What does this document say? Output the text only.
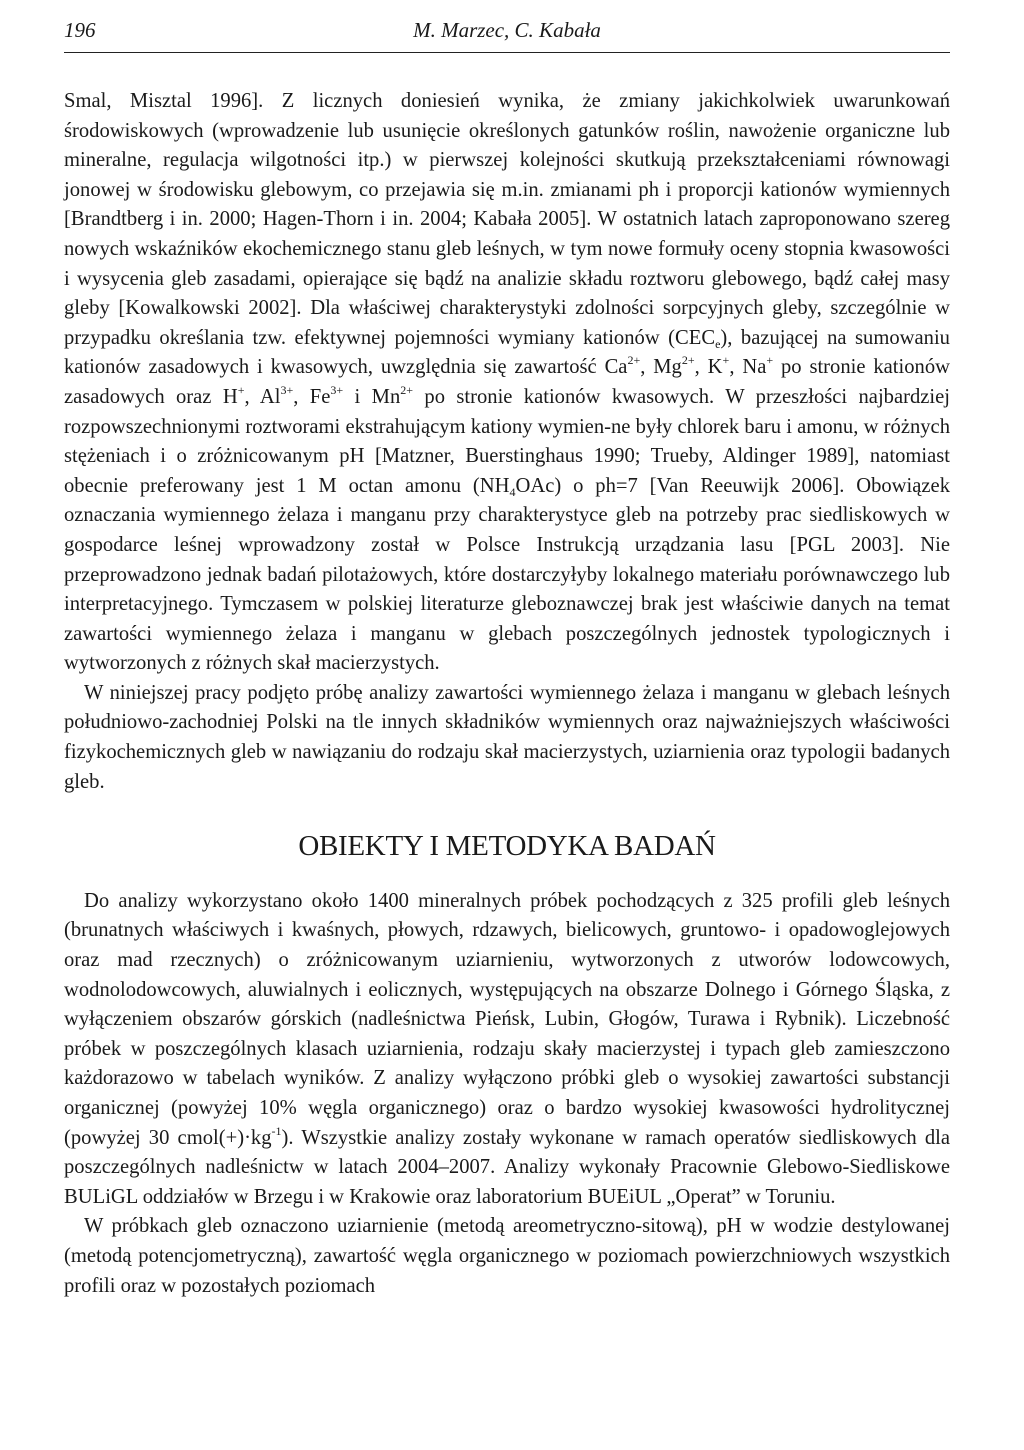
196	M. Marzec, C. Kabała

Smal, Misztal 1996]. Z licznych doniesień wynika, że zmiany jakichkolwiek uwarunkowań środowiskowych (wprowadzenie lub usunięcie określonych gatunków roślin, nawożenie organiczne lub mineralne, regulacja wilgotności itp.) w pierwszej kolejności skutkują przekształceniami równowagi jonowej w środowisku glebowym, co przejawia się m.in. zmianami ph i proporcji kationów wymiennych [Brandtberg i in. 2000; Hagen-Thorn i in. 2004; Kabała 2005]. W ostatnich latach zaproponowano szereg nowych wskaźników ekochemicznego stanu gleb leśnych, w tym nowe formuły oceny stopnia kwasowości i wysycenia gleb zasadami, opierające się bądź na analizie składu roztworu glebowego, bądź całej masy gleby [Kowalkowski 2002]. Dla właściwej charakterystyki zdolności sorpcyjnych gleby, szczególnie w przypadku określania tzw. efektywnej pojemności wymiany kationów $(CEC_e)$, bazującej na sumowaniu kationów zasadowych i kwasowych, uwzględnia się zawartość $Ca^{2+}$, $Mg^{2+}$, K+, Na+ po stronie kationów zasadowych oraz H+, $Al^{3+}$, $Fe^{3+}$ i $Mn^{2+}$ po stronie kationów kwasowych. W przeszłości najbardziej rozpowszechnionymi roztworami ekstrahującym kationy wymien-ne były chlorek baru i amonu, w różnych stężeniach i o zróżnicowanym pH [Matzner, Buerstinghaus 1990; Trueby, Aldinger 1989], natomiast obecnie preferowany jest 1 M octan amonu $(NH_4OAc)$ o ph=7 [Van Reeuwijk 2006]. Obowiązek oznaczania wymiennego żelaza i manganu przy charakterystyce gleb na potrzeby prac siedliskowych w gospodarce leśnej wprowadzony został w Polsce Instrukcją urządzania lasu [PGL 2003]. Nie przeprowadzono jednak badań pilotażowych, które dostarczyłyby lokalnego materiału porównawczego lub interpretacyjnego. Tymczasem w polskiej literaturze gleboznawczej brak jest właściwie danych na temat zawartości wymiennego żelaza i manganu w glebach poszczególnych jednostek typologicznych i wytworzonych z różnych skał macierzystych.

W niniejszej pracy podjęto próbę analizy zawartości wymiennego żelaza i manganu w glebach leśnych południowo-zachodniej Polski na tle innych składników wymiennych oraz najważniejszych właściwości fizykochemicznych gleb w nawiązaniu do rodzaju skał macierzystych, uziarnienia oraz typologii badanych gleb.

OBIEKTY I METODYKA BADAŃ

Do analizy wykorzystano około 1400 mineralnych próbek pochodzących z 325 profili gleb leśnych (brunatnych właściwych i kwaśnych, płowych, rdzawych, bielicowych, gruntowo- i opadowoglejowych oraz mad rzecznych) o zróżnicowanym uziarnieniu, wytworzonych z utworów lodowcowych, wodnolodowcowych, aluwialnych i eolicznych, występujących na obszarze Dolnego i Górnego Śląska, z wyłączeniem obszarów górskich (nadleśnictwa Pieńsk, Lubin, Głogów, Turawa i Rybnik). Liczebność próbek w poszczególnych klasach uziarnienia, rodzaju skały macierzystej i typach gleb zamieszczono każdorazowo w tabelach wyników. Z analizy wyłączono próbki gleb o wysokiej zawartości substancji organicznej (powyżej 10% węgla organicznego) oraz o bardzo wysokiej kwasowości hydrolitycznej (powyżej 30 $cmol(+)\cdot kg^{-1}$). Wszystkie analizy zostały wykonane w ramach operatów siedliskowych dla poszczególnych nadleśnictw w latach 2004–2007. Analizy wykonały Pracownie Glebowo-Siedliskowe BULiGL oddziałów w Brzegu i w Krakowie oraz laboratorium BUEiUL „Operat” w Toruniu.

W próbkach gleb oznaczono uziarnienie (metodą areometryczno-sitową), pH w wodzie destylowanej (metodą potencjometryczną), zawartość węgla organicznego w poziomach powierzchniowych wszystkich profili oraz w pozostałych poziomach
